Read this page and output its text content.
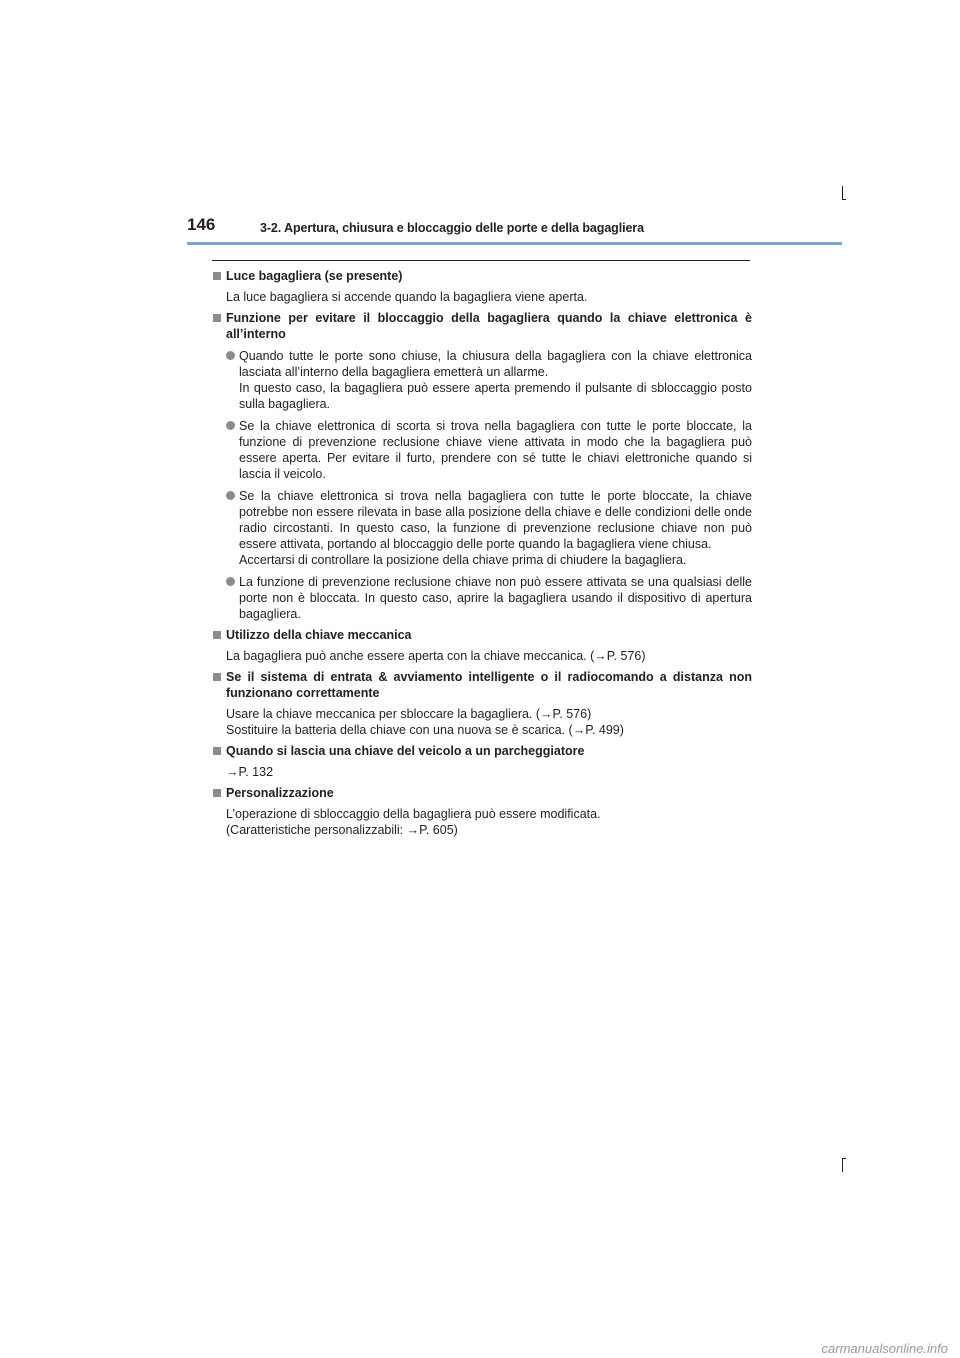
146	3-2. Apertura, chiusura e bloccaggio delle porte e della bagagliera
Luce bagagliera (se presente)
La luce bagagliera si accende quando la bagagliera viene aperta.
Funzione per evitare il bloccaggio della bagagliera quando la chiave elettronica è all’interno
Quando tutte le porte sono chiuse, la chiusura della bagagliera con la chiave elettronica lasciata all’interno della bagagliera emetterà un allarme.
In questo caso, la bagagliera può essere aperta premendo il pulsante di sbloccaggio posto sulla bagagliera.
Se la chiave elettronica di scorta si trova nella bagagliera con tutte le porte bloccate, la funzione di prevenzione reclusione chiave viene attivata in modo che la bagagliera può essere aperta. Per evitare il furto, prendere con sé tutte le chiavi elettroniche quando si lascia il veicolo.
Se la chiave elettronica si trova nella bagagliera con tutte le porte bloccate, la chiave potrebbe non essere rilevata in base alla posizione della chiave e delle condizioni delle onde radio circostanti. In questo caso, la funzione di prevenzione reclusione chiave non può essere attivata, portando al bloccaggio delle porte quando la bagagliera viene chiusa.
Accertarsi di controllare la posizione della chiave prima di chiudere la bagagliera.
La funzione di prevenzione reclusione chiave non può essere attivata se una qualsiasi delle porte non è bloccata. In questo caso, aprire la bagagliera usando il dispositivo di apertura bagagliera.
Utilizzo della chiave meccanica
La bagagliera può anche essere aperta con la chiave meccanica. (→P. 576)
Se il sistema di entrata & avviamento intelligente o il radiocomando a distanza non funzionano correttamente
Usare la chiave meccanica per sbloccare la bagagliera. (→P. 576)
Sostituire la batteria della chiave con una nuova se è scarica. (→P. 499)
Quando si lascia una chiave del veicolo a un parcheggiatore
→P. 132
Personalizzazione
L’operazione di sbloccaggio della bagagliera può essere modificata.
(Caratteristiche personalizzabili: →P. 605)
carmanualsonline.info
